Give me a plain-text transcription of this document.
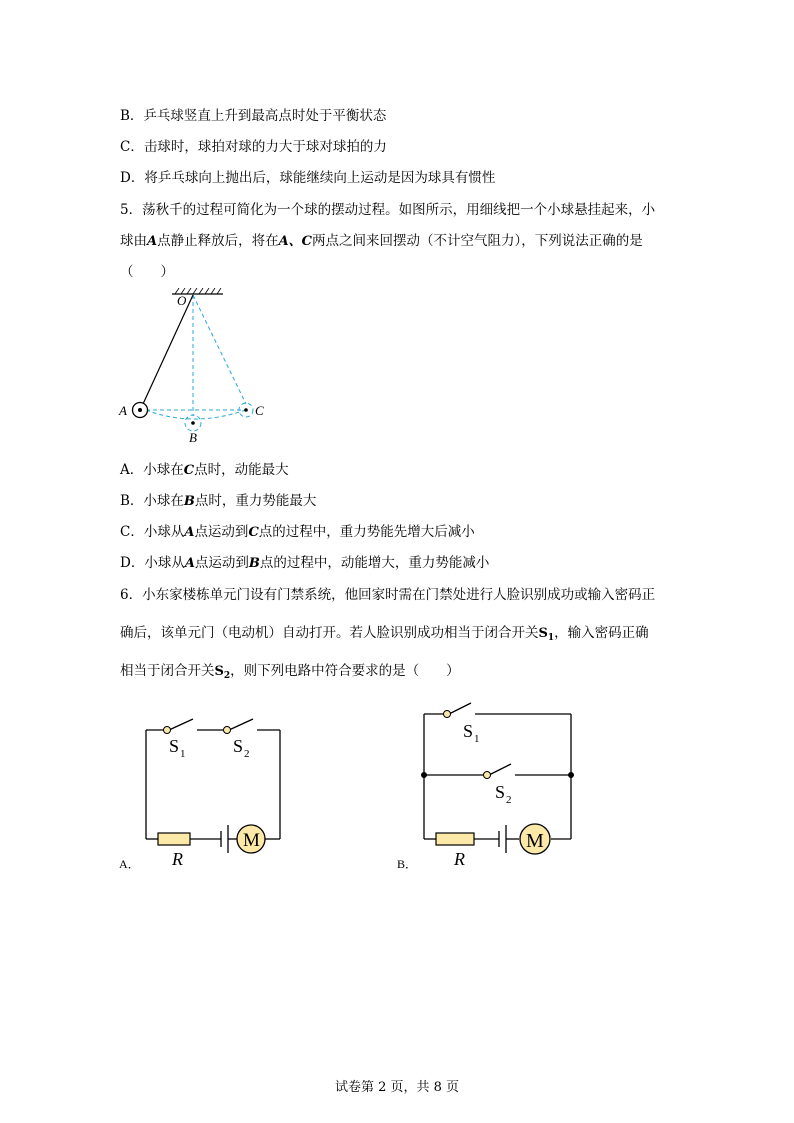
B．乒乓球竖直上升到最高点时处于平衡状态
C．击球时，球拍对球的力大于球对球拍的力
D．将乒乓球向上抛出后，球能继续向上运动是因为球具有惯性
5．荡秋千的过程可简化为一个球的摆动过程。如图所示，用细线把一个小球悬挂起来，小
球由A点静止释放后，将在A、C两点之间来回摆动（不计空气阻力），下列说法正确的是
（　　）
O
A
B
C
A．小球在C点时，动能最大
B．小球在B点时，重力势能最大
C．小球从A点运动到C点的过程中，重力势能先增大后减小
D．小球从A点运动到B点的过程中，动能增大，重力势能减小
6．小东家楼栋单元门设有门禁系统，他回家时需在门禁处进行人脸识别成功或输入密码正
确后，该单元门（电动机）自动打开。若人脸识别成功相当于闭合开关$S_1$，输入密码正确
相当于闭合开关$S_2$，则下列电路中符合要求的是（　　）
M
S 1	S 2
R
A．
M
S 1
S 2
R
B．
试卷第 2 页，共 8 页
